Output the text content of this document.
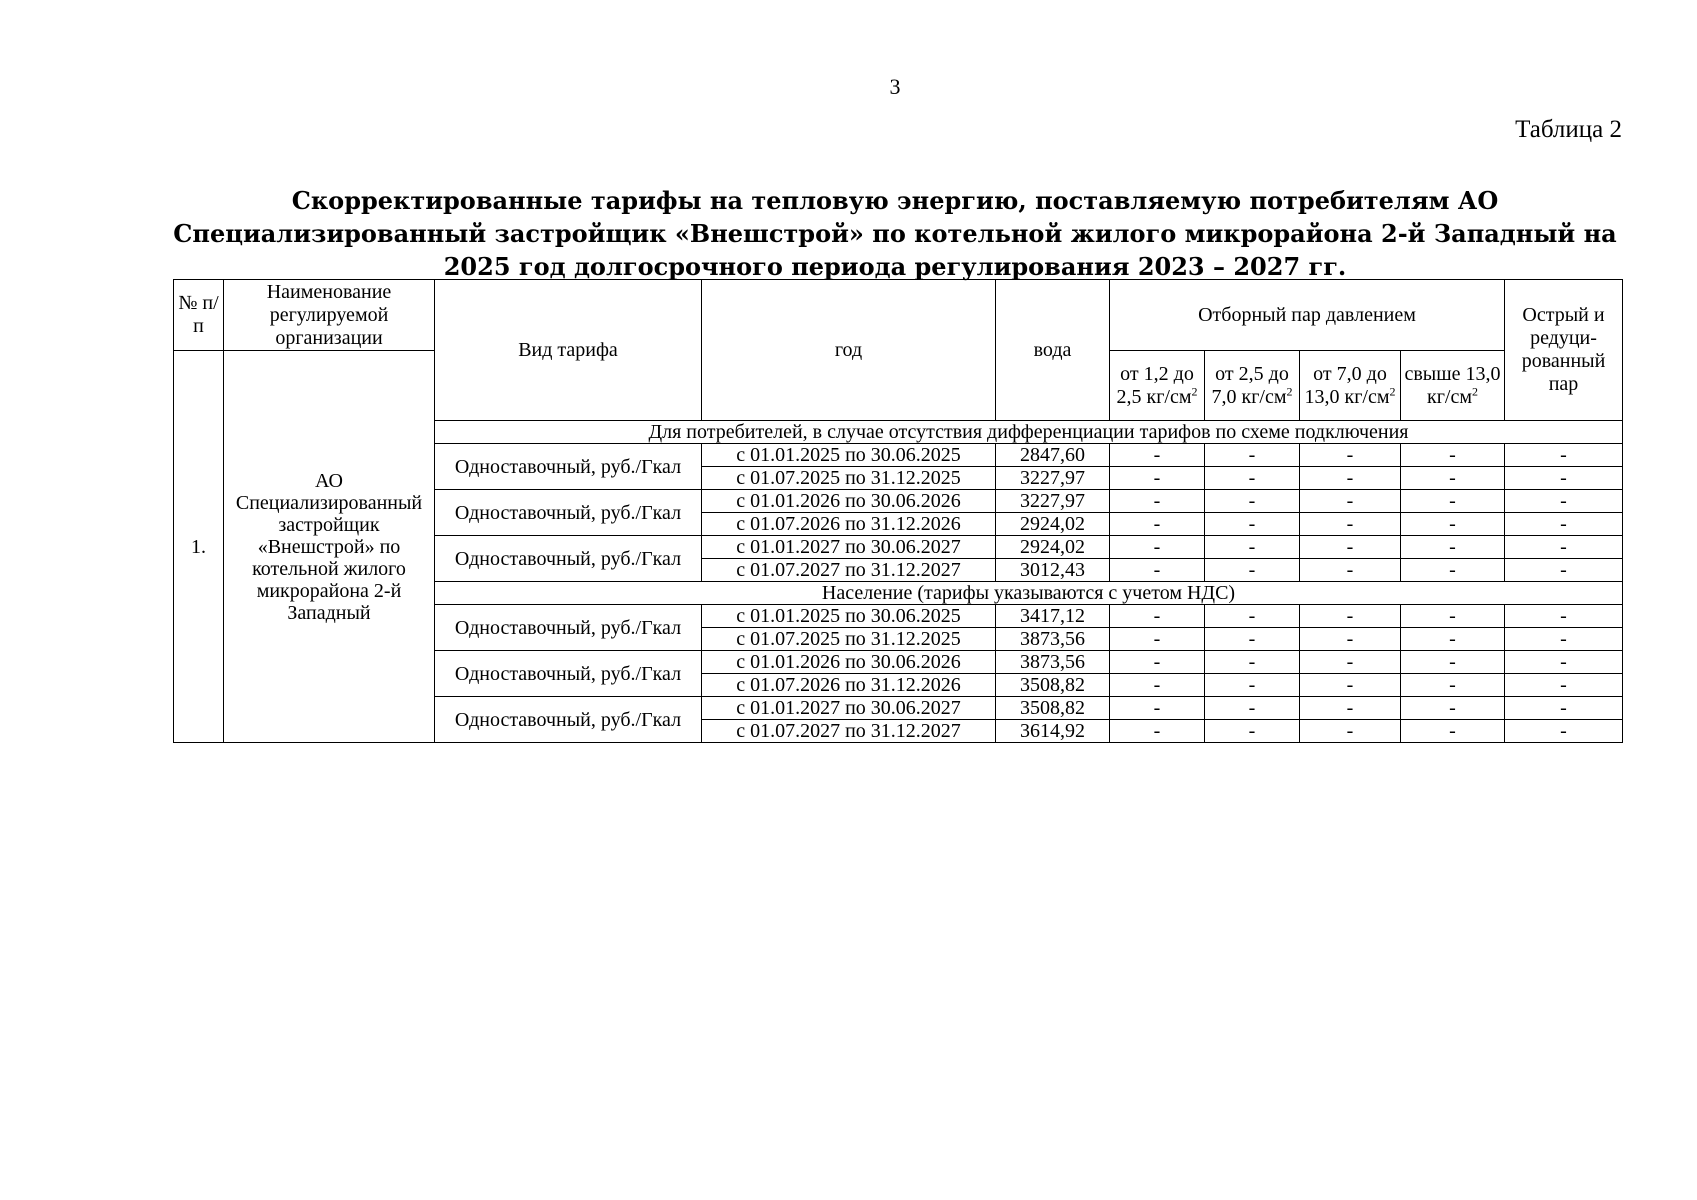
3
Таблица 2
Скорректированные тарифы на тепловую энергию, поставляемую потребителям АО Специализированный застройщик «Внешстрой» по котельной жилого микрорайона 2-й Западный на 2025 год долгосрочного периода регулирования 2023 – 2027 гг.
№ п/п	Наименование регулируемой организации	Вид тарифа	год	вода	Отборный пар давлением				Острый и редуци-рованный пар
1.	АО Специализированный застройщик «Внешстрой» по котельной жилого микрорайона 2-й Западный				от 1,2 до 2,5 $кг/см^2$	от 2,5 до 7,0 $кг/см^2$	от 7,0 до 13,0 $кг/см^2$	свыше 13,0 $кг/см^2$
		Для потребителей, в случае отсутствия дифференциации тарифов по схеме подключения							
		Одноставочный, руб./Гкал	с 01.01.2025 по 30.06.2025	2847,60	-	-	-	-	-
			с 01.07.2025 по 31.12.2025	3227,97	-	-	-	-	-
		Одноставочный, руб./Гкал	с 01.01.2026 по 30.06.2026	3227,97	-	-	-	-	-
			с 01.07.2026 по 31.12.2026	2924,02	-	-	-	-	-
		Одноставочный, руб./Гкал	с 01.01.2027 по 30.06.2027	2924,02	-	-	-	-	-
			с 01.07.2027 по 31.12.2027	3012,43	-	-	-	-	-
		Население (тарифы указываются с учетом НДС)							
		Одноставочный, руб./Гкал	с 01.01.2025 по 30.06.2025	3417,12	-	-	-	-	-
			с 01.07.2025 по 31.12.2025	3873,56	-	-	-	-	-
		Одноставочный, руб./Гкал	с 01.01.2026 по 30.06.2026	3873,56	-	-	-	-	-
			с 01.07.2026 по 31.12.2026	3508,82	-	-	-	-	-
		Одноставочный, руб./Гкал	с 01.01.2027 по 30.06.2027	3508,82	-	-	-	-	-
			с 01.07.2027 по 31.12.2027	3614,92	-	-	-	-	-
